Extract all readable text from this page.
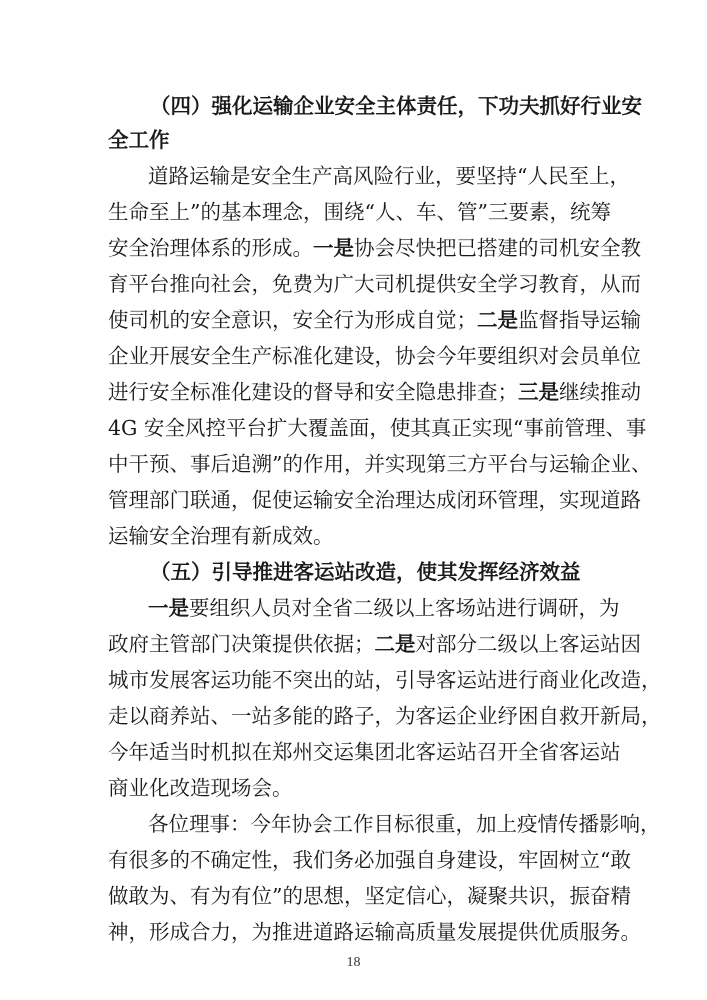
（四）强化运输企业安全主体责任，下功夫抓好行业安
全工作
道路运输是安全生产高风险行业，要坚持“人民至上，
生命至上”的基本理念，围绕“人、车、管”三要素，统筹
安全治理体系的形成。一是协会尽快把已搭建的司机安全教
育平台推向社会，免费为广大司机提供安全学习教育，从而
使司机的安全意识，安全行为形成自觉；二是监督指导运输
企业开展安全生产标准化建设，协会今年要组织对会员单位
进行安全标准化建设的督导和安全隐患排查；三是继续推动
4G 安全风控平台扩大覆盖面，使其真正实现“事前管理、事
中干预、事后追溯”的作用，并实现第三方平台与运输企业、
管理部门联通，促使运输安全治理达成闭环管理，实现道路
运输安全治理有新成效。
（五）引导推进客运站改造，使其发挥经济效益
一是要组织人员对全省二级以上客场站进行调研，为
政府主管部门决策提供依据；二是对部分二级以上客运站因
城市发展客运功能不突出的站，引导客运站进行商业化改造，
走以商养站、一站多能的路子，为客运企业纾困自救开新局，
今年适当时机拟在郑州交运集团北客运站召开全省客运站
商业化改造现场会。
各位理事：今年协会工作目标很重，加上疫情传播影响，
有很多的不确定性，我们务必加强自身建设，牢固树立“敢
做敢为、有为有位”的思想，坚定信心，凝聚共识，振奋精
神，形成合力，为推进道路运输高质量发展提供优质服务。
18
